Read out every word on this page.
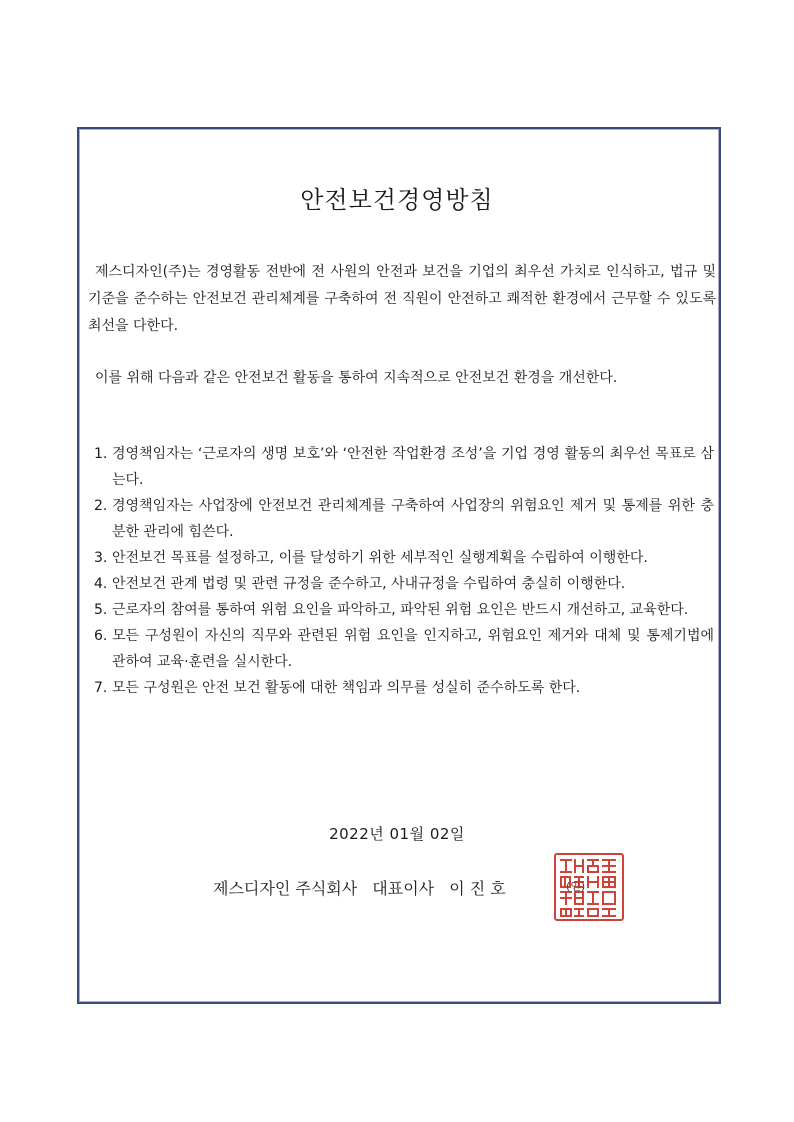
안전보건경영방침

제스디자인(주)는 경영활동 전반에 전 사원의 안전과 보건을 기업의 최우선 가치로 인식하고, 법규 및 기준을 준수하는 안전보건 관리체계를 구축하여 전 직원이 안전하고 쾌적한 환경에서 근무할 수 있도록 최선을 다한다.

이를 위해 다음과 같은 안전보건 활동을 통하여 지속적으로 안전보건 환경을 개선한다.

1. 경영책임자는 ‘근로자의 생명 보호’와 ‘안전한 작업환경 조성’을 기업 경영 활동의 최우선 목표로 삼는다.
2. 경영책임자는 사업장에 안전보건 관리체계를 구축하여 사업장의 위험요인 제거 및 통제를 위한 충분한 관리에 힘쓴다.
3. 안전보건 목표를 설정하고, 이를 달성하기 위한 세부적인 실행계획을 수립하여 이행한다.
4. 안전보건 관계 법령 및 관련 규정을 준수하고, 사내규정을 수립하여 충실히 이행한다.
5. 근로자의 참여를 통하여 위험 요인을 파악하고, 파악된 위험 요인은 반드시 개선하고, 교육한다.
6. 모든 구성원이 자신의 직무와 관련된 위험 요인을 인지하고, 위험요인 제거와 대체 및 통제기법에 관하여 교육·훈련을 실시한다.
7. 모든 구성원은 안전 보건 활동에 대한 책임과 의무를 성실히 준수하도록 한다.
2022년 01월 02일
제스디자인 주식회사 대표이사 이 진 호	(인)
